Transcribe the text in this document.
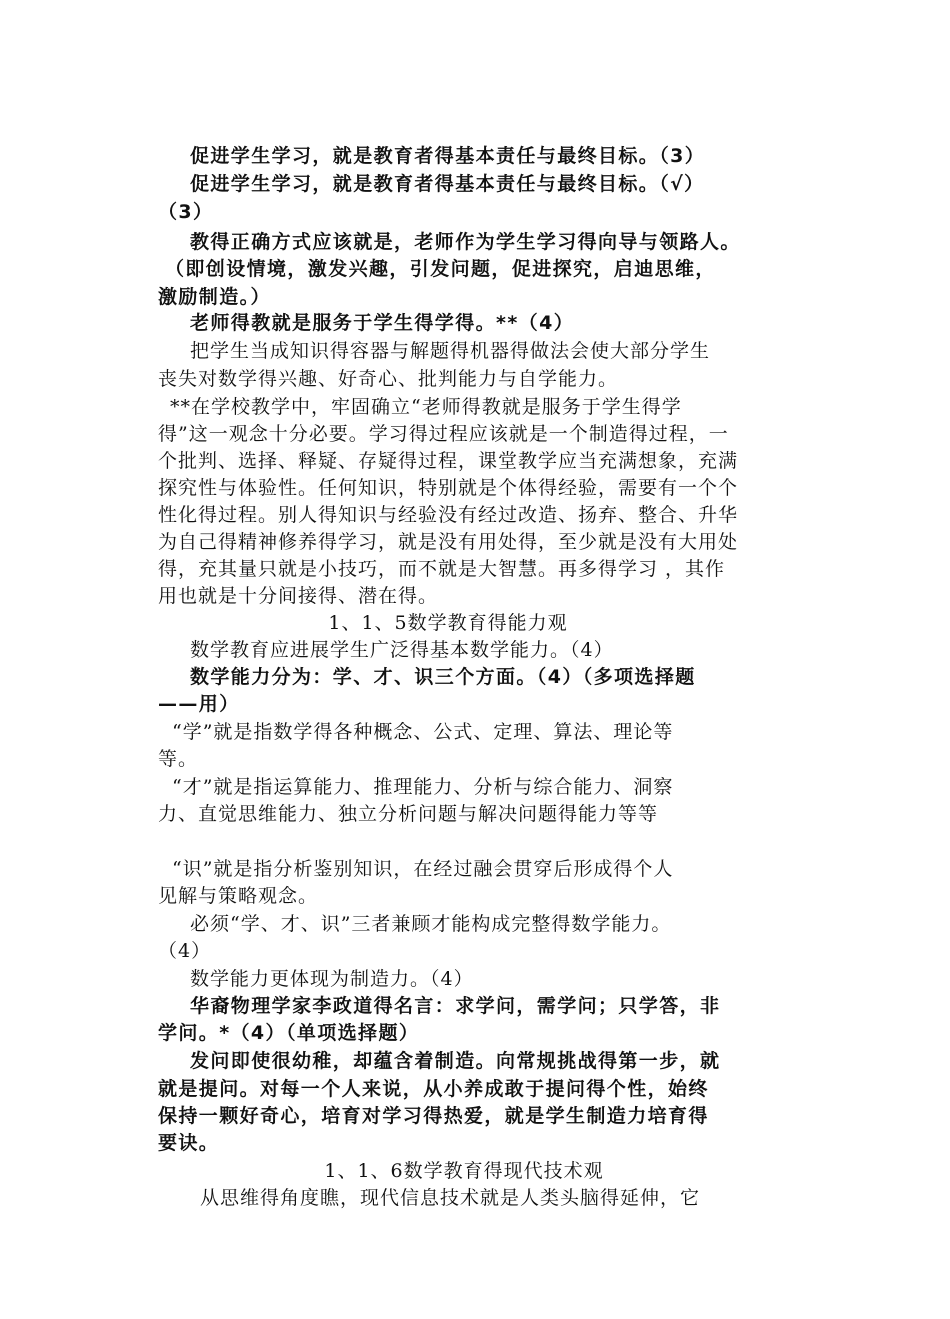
促进学生学习，就是教育者得基本责任与最终目标。（3）
促进学生学习，就是教育者得基本责任与最终目标。（√）
（3）
教得正确方式应该就是，老师作为学生学习得向导与领路人。
（即创设情境，激发兴趣，引发问题，促进探究，启迪思维，
激励制造。）
老师得教就是服务于学生得学得。**（4）
把学生当成知识得容器与解题得机器得做法会使大部分学生
丧失对数学得兴趣、好奇心、批判能力与自学能力。
**在学校教学中，牢固确立“老师得教就是服务于学生得学
得”这一观念十分必要。学习得过程应该就是一个制造得过程，一
个批判、选择、释疑、存疑得过程，课堂教学应当充满想象，充满
探究性与体验性。任何知识，特别就是个体得经验，需要有一个个
性化得过程。别人得知识与经验没有经过改造、扬弃、整合、升华
为自己得精神修养得学习，就是没有用处得，至少就是没有大用处
得，充其量只就是小技巧，而不就是大智慧。再多得学习 ，其作
用也就是十分间接得、潜在得。
1、1、5数学教育得能力观
数学教育应进展学生广泛得基本数学能力。（4）
数学能力分为：学、才、识三个方面。（4）（多项选择题
——用）
“学”就是指数学得各种概念、公式、定理、算法、理论等
等。
“才”就是指运算能力、推理能力、分析与综合能力、洞察
力、直觉思维能力、独立分析问题与解决问题得能力等等
“识”就是指分析鉴别知识，在经过融会贯穿后形成得个人
见解与策略观念。
必须“学、才、识”三者兼顾才能构成完整得数学能力。
（4）
数学能力更体现为制造力。（4）
华裔物理学家李政道得名言：求学问，需学问；只学答，非
学问。*（4）（单项选择题）
发问即使很幼稚，却蕴含着制造。向常规挑战得第一步，就
就是提问。对每一个人来说，从小养成敢于提问得个性，始终
保持一颗好奇心，培育对学习得热爱，就是学生制造力培育得
要诀。
1、1、6数学教育得现代技术观
从思维得角度瞧，现代信息技术就是人类头脑得延伸，它
